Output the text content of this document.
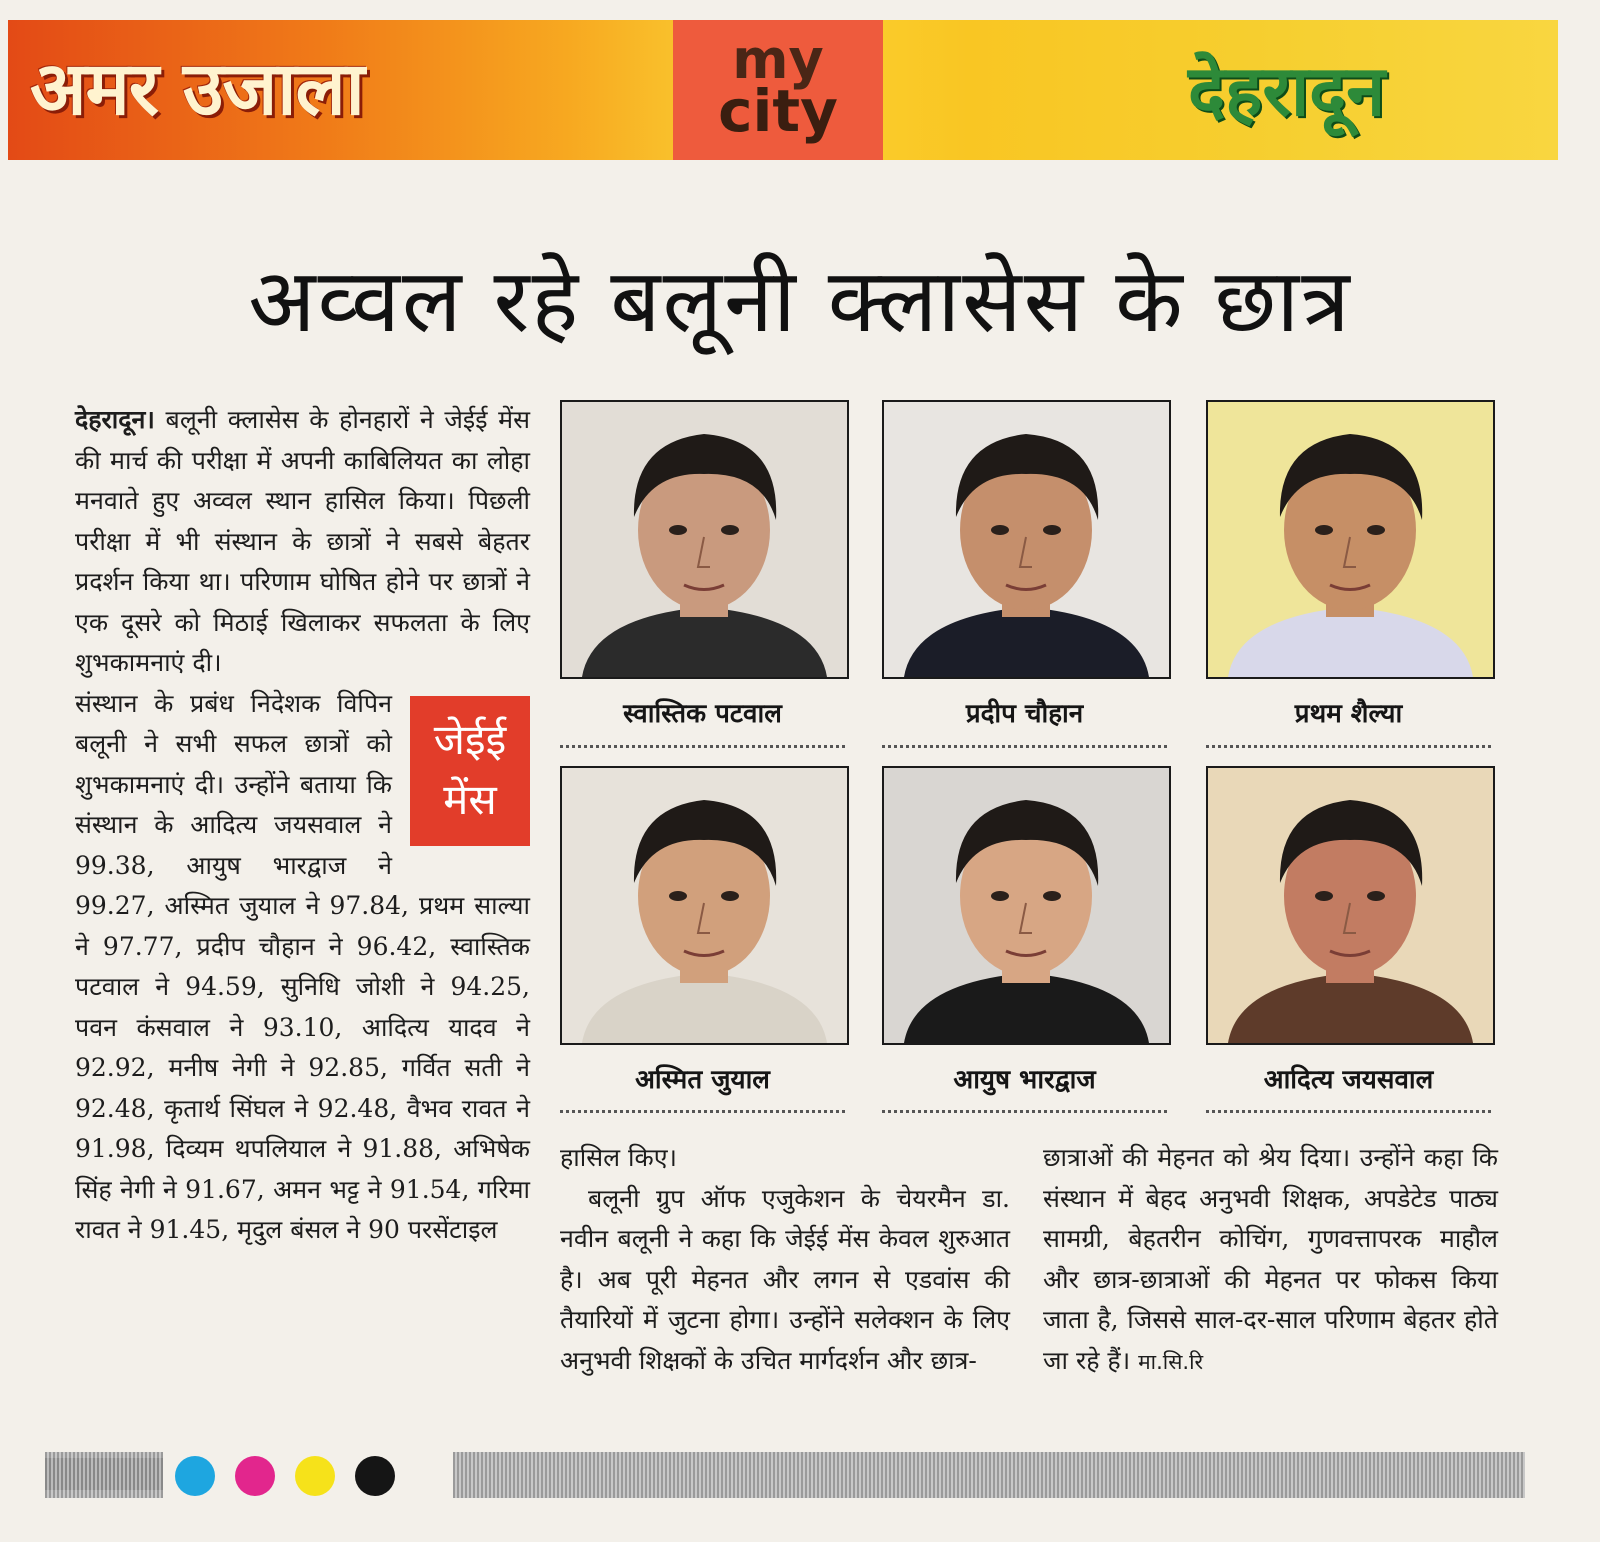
अमर उजाला	my
city	देहरादून
अव्वल रहे बलूनी क्लासेस के छात्र

देहरादून। बलूनी क्लासेस के होनहारों ने जेईई मेंस की मार्च की परीक्षा में अपनी काबिलियत का लोहा मनवाते हुए अव्वल स्थान हासिल किया। पिछली परीक्षा में भी संस्थान के छात्रों ने सबसे बेहतर प्रदर्शन किया था। परिणाम घोषित होने पर छात्रों ने एक दूसरे को मिठाई खिलाकर सफलता के लिए शुभकामनाएं दी।

जेईई
मेंस

संस्थान के प्रबंध निदेशक विपिन बलूनी ने सभी सफल छात्रों को शुभकामनाएं दी। उन्होंने बताया कि संस्थान के आदित्य जयसवाल ने 99.38, आयुष भारद्वाज ने 99.27, अस्मित जुयाल ने 97.84, प्रथम साल्या ने 97.77, प्रदीप चौहान ने 96.42, स्वास्तिक पटवाल ने 94.59, सुनिधि जोशी ने 94.25, पवन कंसवाल ने 93.10, आदित्य यादव ने 92.92, मनीष नेगी ने 92.85, गर्वित सती ने 92.48, कृतार्थ सिंघल ने 92.48, वैभव रावत ने 91.98, दिव्यम थपलियाल ने 91.88, अभिषेक सिंह नेगी ने 91.67, अमन भट्ट ने 91.54, गरिमा रावत ने 91.45, मृदुल बंसल ने 90 परसेंटाइल

स्वास्तिक पटवाल	प्रदीप चौहान	प्रथम शैल्या
अस्मित जुयाल	आयुष भारद्वाज	आदित्य जयसवाल

हासिल किए।

बलूनी ग्रुप ऑफ एजुकेशन के चेयरमैन डा. नवीन बलूनी ने कहा कि जेईई मेंस केवल शुरुआत है। अब पूरी मेहनत और लगन से एडवांस की तैयारियों में जुटना होगा। उन्होंने सलेक्शन के लिए अनुभवी शिक्षकों के उचित मार्गदर्शन और छात्र-

छात्राओं की मेहनत को श्रेय दिया। उन्होंने कहा कि संस्थान में बेहद अनुभवी शिक्षक, अपडेटेड पाठ्य सामग्री, बेहतरीन कोचिंग, गुणवत्तापरक माहौल और छात्र-छात्राओं की मेहनत पर फोकस किया जाता है, जिससे साल-दर-साल परिणाम बेहतर होते जा रहे हैं। मा.सि.रि
